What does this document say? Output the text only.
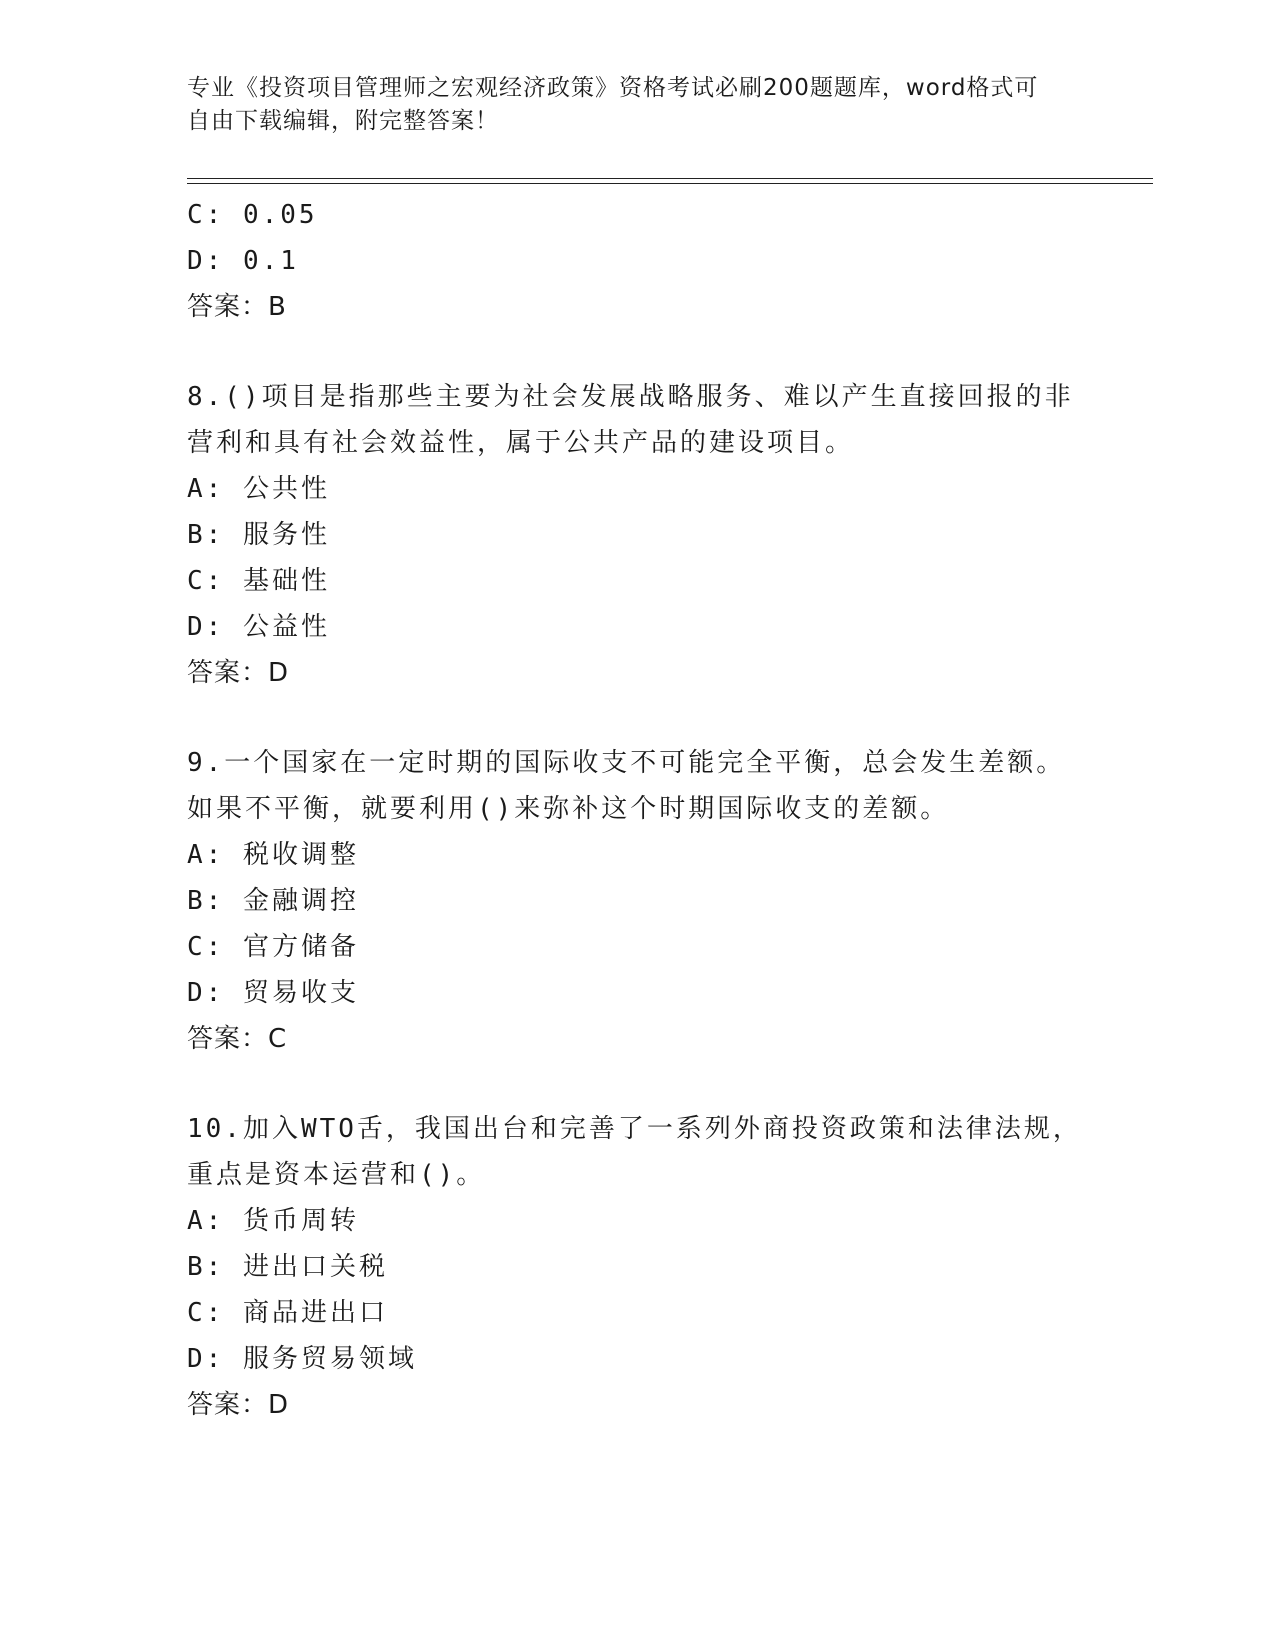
专业《投资项目管理师之宏观经济政策》资格考试必刷200题题库，word格式可
自由下载编辑，附完整答案！
C: 0.05
D: 0.1
答案：B
8.()项目是指那些主要为社会发展战略服务、难以产生直接回报的非
营利和具有社会效益性，属于公共产品的建设项目。
A: 公共性
B: 服务性
C: 基础性
D: 公益性
答案：D
9.一个国家在一定时期的国际收支不可能完全平衡，总会发生差额。
如果不平衡，就要利用()来弥补这个时期国际收支的差额。
A: 税收调整
B: 金融调控
C: 官方储备
D: 贸易收支
答案：C
10.加入WTO舌，我国出台和完善了一系列外商投资政策和法律法规，
重点是资本运营和()。
A: 货币周转
B: 进出口关税
C: 商品进出口
D: 服务贸易领域
答案：D
